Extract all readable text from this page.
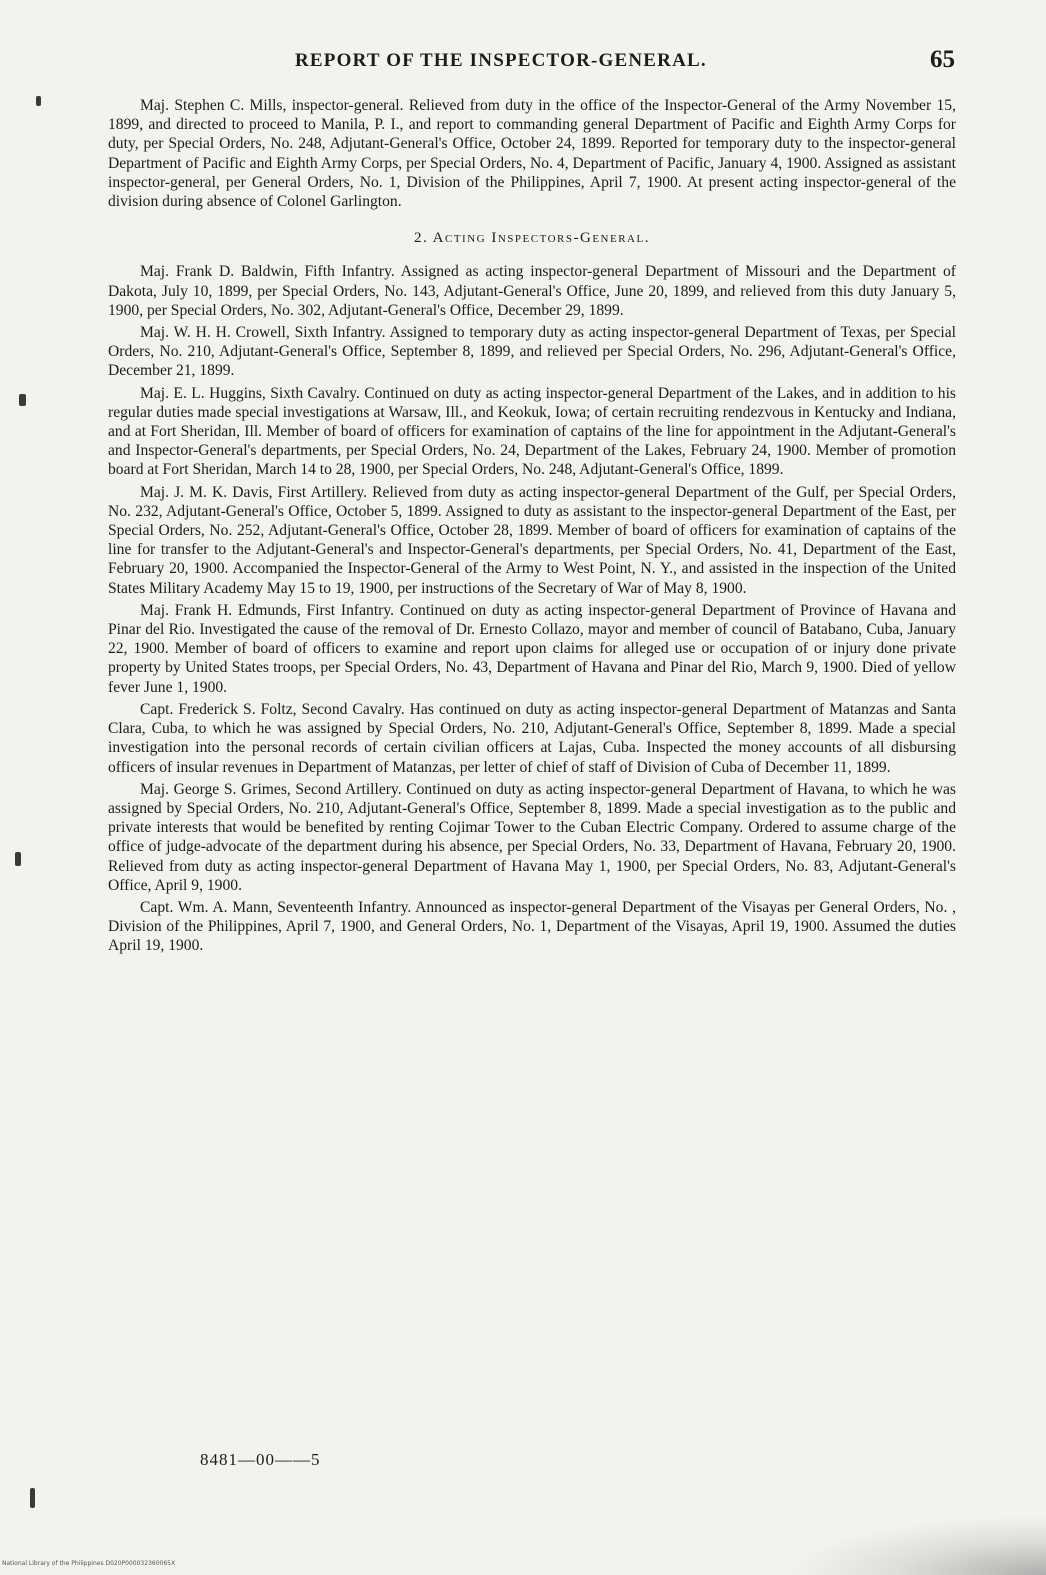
REPORT OF THE INSPECTOR-GENERAL.	65

Maj. Stephen C. Mills, inspector-general. Relieved from duty in the office of the Inspector-General of the Army November 15, 1899, and directed to proceed to Manila, P. I., and report to commanding general Department of Pacific and Eighth Army Corps for duty, per Special Orders, No. 248, Adjutant-General's Office, October 24, 1899. Reported for temporary duty to the inspector-general Department of Pacific and Eighth Army Corps, per Special Orders, No. 4, Department of Pacific, January 4, 1900. Assigned as assistant inspector-general, per General Orders, No. 1, Division of the Philippines, April 7, 1900. At present acting inspector-general of the division during absence of Colonel Garlington.

2. Acting Inspectors-General.

Maj. Frank D. Baldwin, Fifth Infantry. Assigned as acting inspector-general Department of Missouri and the Department of Dakota, July 10, 1899, per Special Orders, No. 143, Adjutant-General's Office, June 20, 1899, and relieved from this duty January 5, 1900, per Special Orders, No. 302, Adjutant-General's Office, December 29, 1899.

Maj. W. H. H. Crowell, Sixth Infantry. Assigned to temporary duty as acting inspector-general Department of Texas, per Special Orders, No. 210, Adjutant-General's Office, September 8, 1899, and relieved per Special Orders, No. 296, Adjutant-General's Office, December 21, 1899.

Maj. E. L. Huggins, Sixth Cavalry. Continued on duty as acting inspector-general Department of the Lakes, and in addition to his regular duties made special investigations at Warsaw, Ill., and Keokuk, Iowa; of certain recruiting rendezvous in Kentucky and Indiana, and at Fort Sheridan, Ill. Member of board of officers for examination of captains of the line for appointment in the Adjutant-General's and Inspector-General's departments, per Special Orders, No. 24, Department of the Lakes, February 24, 1900. Member of promotion board at Fort Sheridan, March 14 to 28, 1900, per Special Orders, No. 248, Adjutant-General's Office, 1899.

Maj. J. M. K. Davis, First Artillery. Relieved from duty as acting inspector-general Department of the Gulf, per Special Orders, No. 232, Adjutant-General's Office, October 5, 1899. Assigned to duty as assistant to the inspector-general Department of the East, per Special Orders, No. 252, Adjutant-General's Office, October 28, 1899. Member of board of officers for examination of captains of the line for transfer to the Adjutant-General's and Inspector-General's departments, per Special Orders, No. 41, Department of the East, February 20, 1900. Accompanied the Inspector-General of the Army to West Point, N. Y., and assisted in the inspection of the United States Military Academy May 15 to 19, 1900, per instructions of the Secretary of War of May 8, 1900.

Maj. Frank H. Edmunds, First Infantry. Continued on duty as acting inspector-general Department of Province of Havana and Pinar del Rio. Investigated the cause of the removal of Dr. Ernesto Collazo, mayor and member of council of Batabano, Cuba, January 22, 1900. Member of board of officers to examine and report upon claims for alleged use or occupation of or injury done private property by United States troops, per Special Orders, No. 43, Department of Havana and Pinar del Rio, March 9, 1900. Died of yellow fever June 1, 1900.

Capt. Frederick S. Foltz, Second Cavalry. Has continued on duty as acting inspector-general Department of Matanzas and Santa Clara, Cuba, to which he was assigned by Special Orders, No. 210, Adjutant-General's Office, September 8, 1899. Made a special investigation into the personal records of certain civilian officers at Lajas, Cuba. Inspected the money accounts of all disbursing officers of insular revenues in Department of Matanzas, per letter of chief of staff of Division of Cuba of December 11, 1899.

Maj. George S. Grimes, Second Artillery. Continued on duty as acting inspector-general Department of Havana, to which he was assigned by Special Orders, No. 210, Adjutant-General's Office, September 8, 1899. Made a special investigation as to the public and private interests that would be benefited by renting Cojimar Tower to the Cuban Electric Company. Ordered to assume charge of the office of judge-advocate of the department during his absence, per Special Orders, No. 33, Department of Havana, February 20, 1900. Relieved from duty as acting inspector-general Department of Havana May 1, 1900, per Special Orders, No. 83, Adjutant-General's Office, April 9, 1900.

Capt. Wm. A. Mann, Seventeenth Infantry. Announced as inspector-general Department of the Visayas per General Orders, No. , Division of the Philippines, April 7, 1900, and General Orders, No. 1, Department of the Visayas, April 19, 1900. Assumed the duties April 19, 1900.

8481—00——5
National Library of the Philippines D020P000032360065X
